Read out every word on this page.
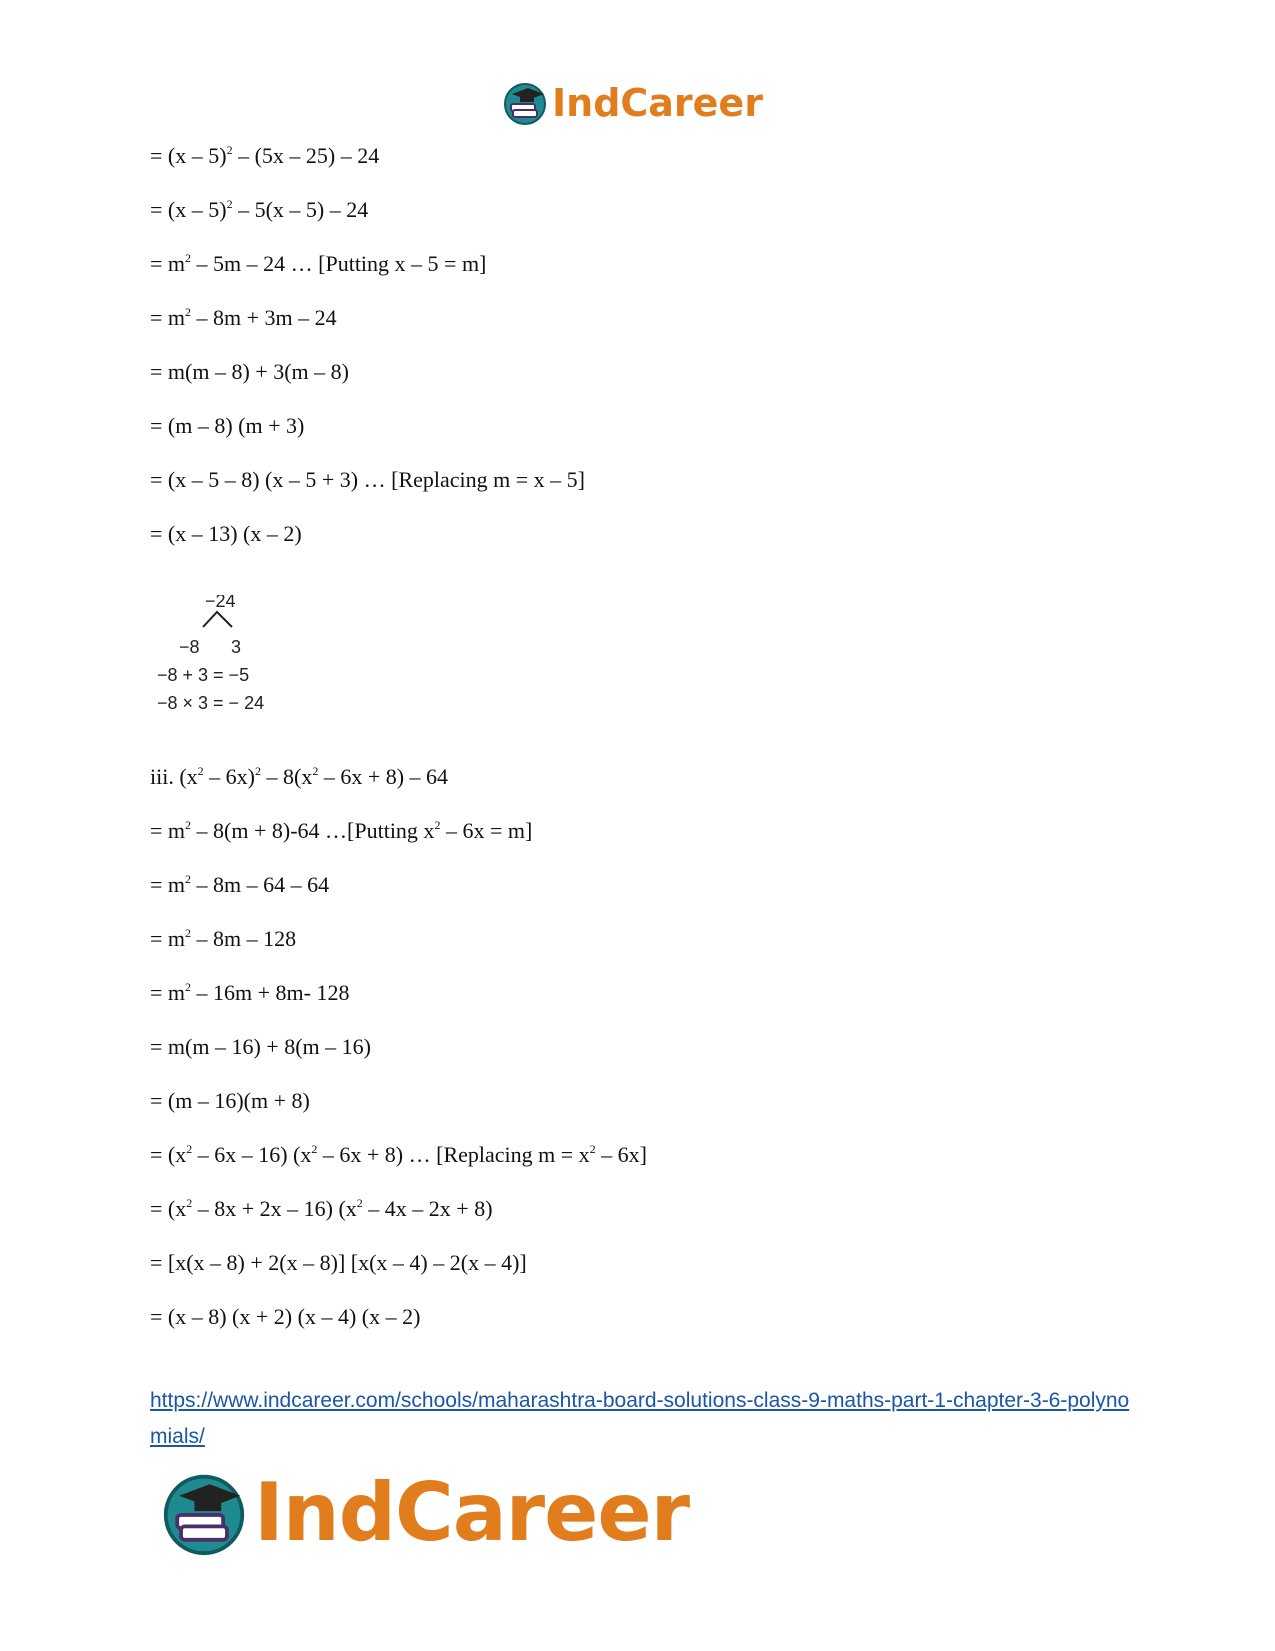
IndCareer
= (x – 5)$^2$ – (5x – 25) – 24
= (x – 5)$^2$ – 5(x – 5) – 24
= $m^2 - 5m - 24$ … [Putting x – 5 = m]
= $m^2 - 8m + 3m - 24$
= m(m – 8) + 3(m – 8)
= (m – 8) (m + 3)
= (x – 5 – 8) (x – 5 + 3) … [Replacing m = x – 5]
= (x – 13) (x – 2)
−24
−8 3
−8 + 3 = −5
−8 × 3 = − 24
iii. $(x^2 - 6x)^2 - 8(x^2 - 6x + 8) - 64$
= $m^2 - 8(m + 8)-64$ …[Putting $x^2 - 6x = m$]
= $m^2 - 8m - 64 - 64$
= $m^2 - 8m - 128$
= $m^2 - 16m + 8m-$ 128
= m(m – 16) + 8(m – 16)
= (m – 16)(m + 8)
= $(x^2 - 6x - 16)$ $(x^2 - 6x + 8)$ … [Replacing $m = x^2 - 6x$]
= $(x^2 - 8x + 2x - 16)$ $(x^2 - 4x - 2x + 8)$
= [x(x – 8) + 2(x – 8)] [x(x – 4) – 2(x – 4)]
= (x – 8) (x + 2) (x – 4) (x – 2)
https://www.indcareer.com/schools/maharashtra-board-solutions-class-9-maths-part-1-chapter-3-6-polynomials/
IndCareer
